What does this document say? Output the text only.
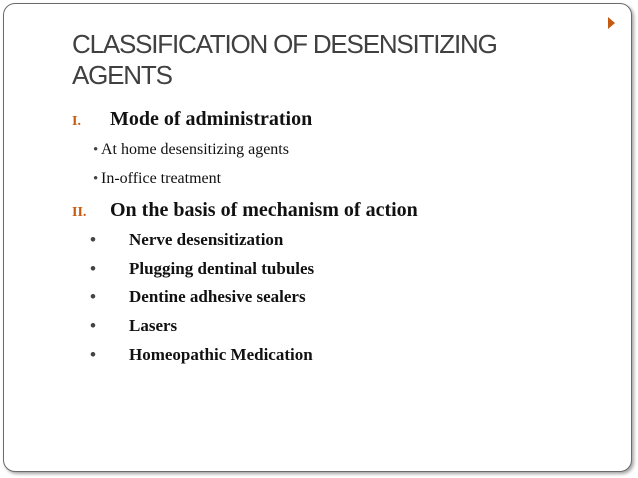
CLASSIFICATION OF DESENSITIZING AGENTS
I. Mode of administration
• At home desensitizing agents
• In-office treatment
II. On the basis of mechanism of action
• Nerve desensitization
• Plugging dentinal tubules
• Dentine adhesive sealers
• Lasers
• Homeopathic Medication
